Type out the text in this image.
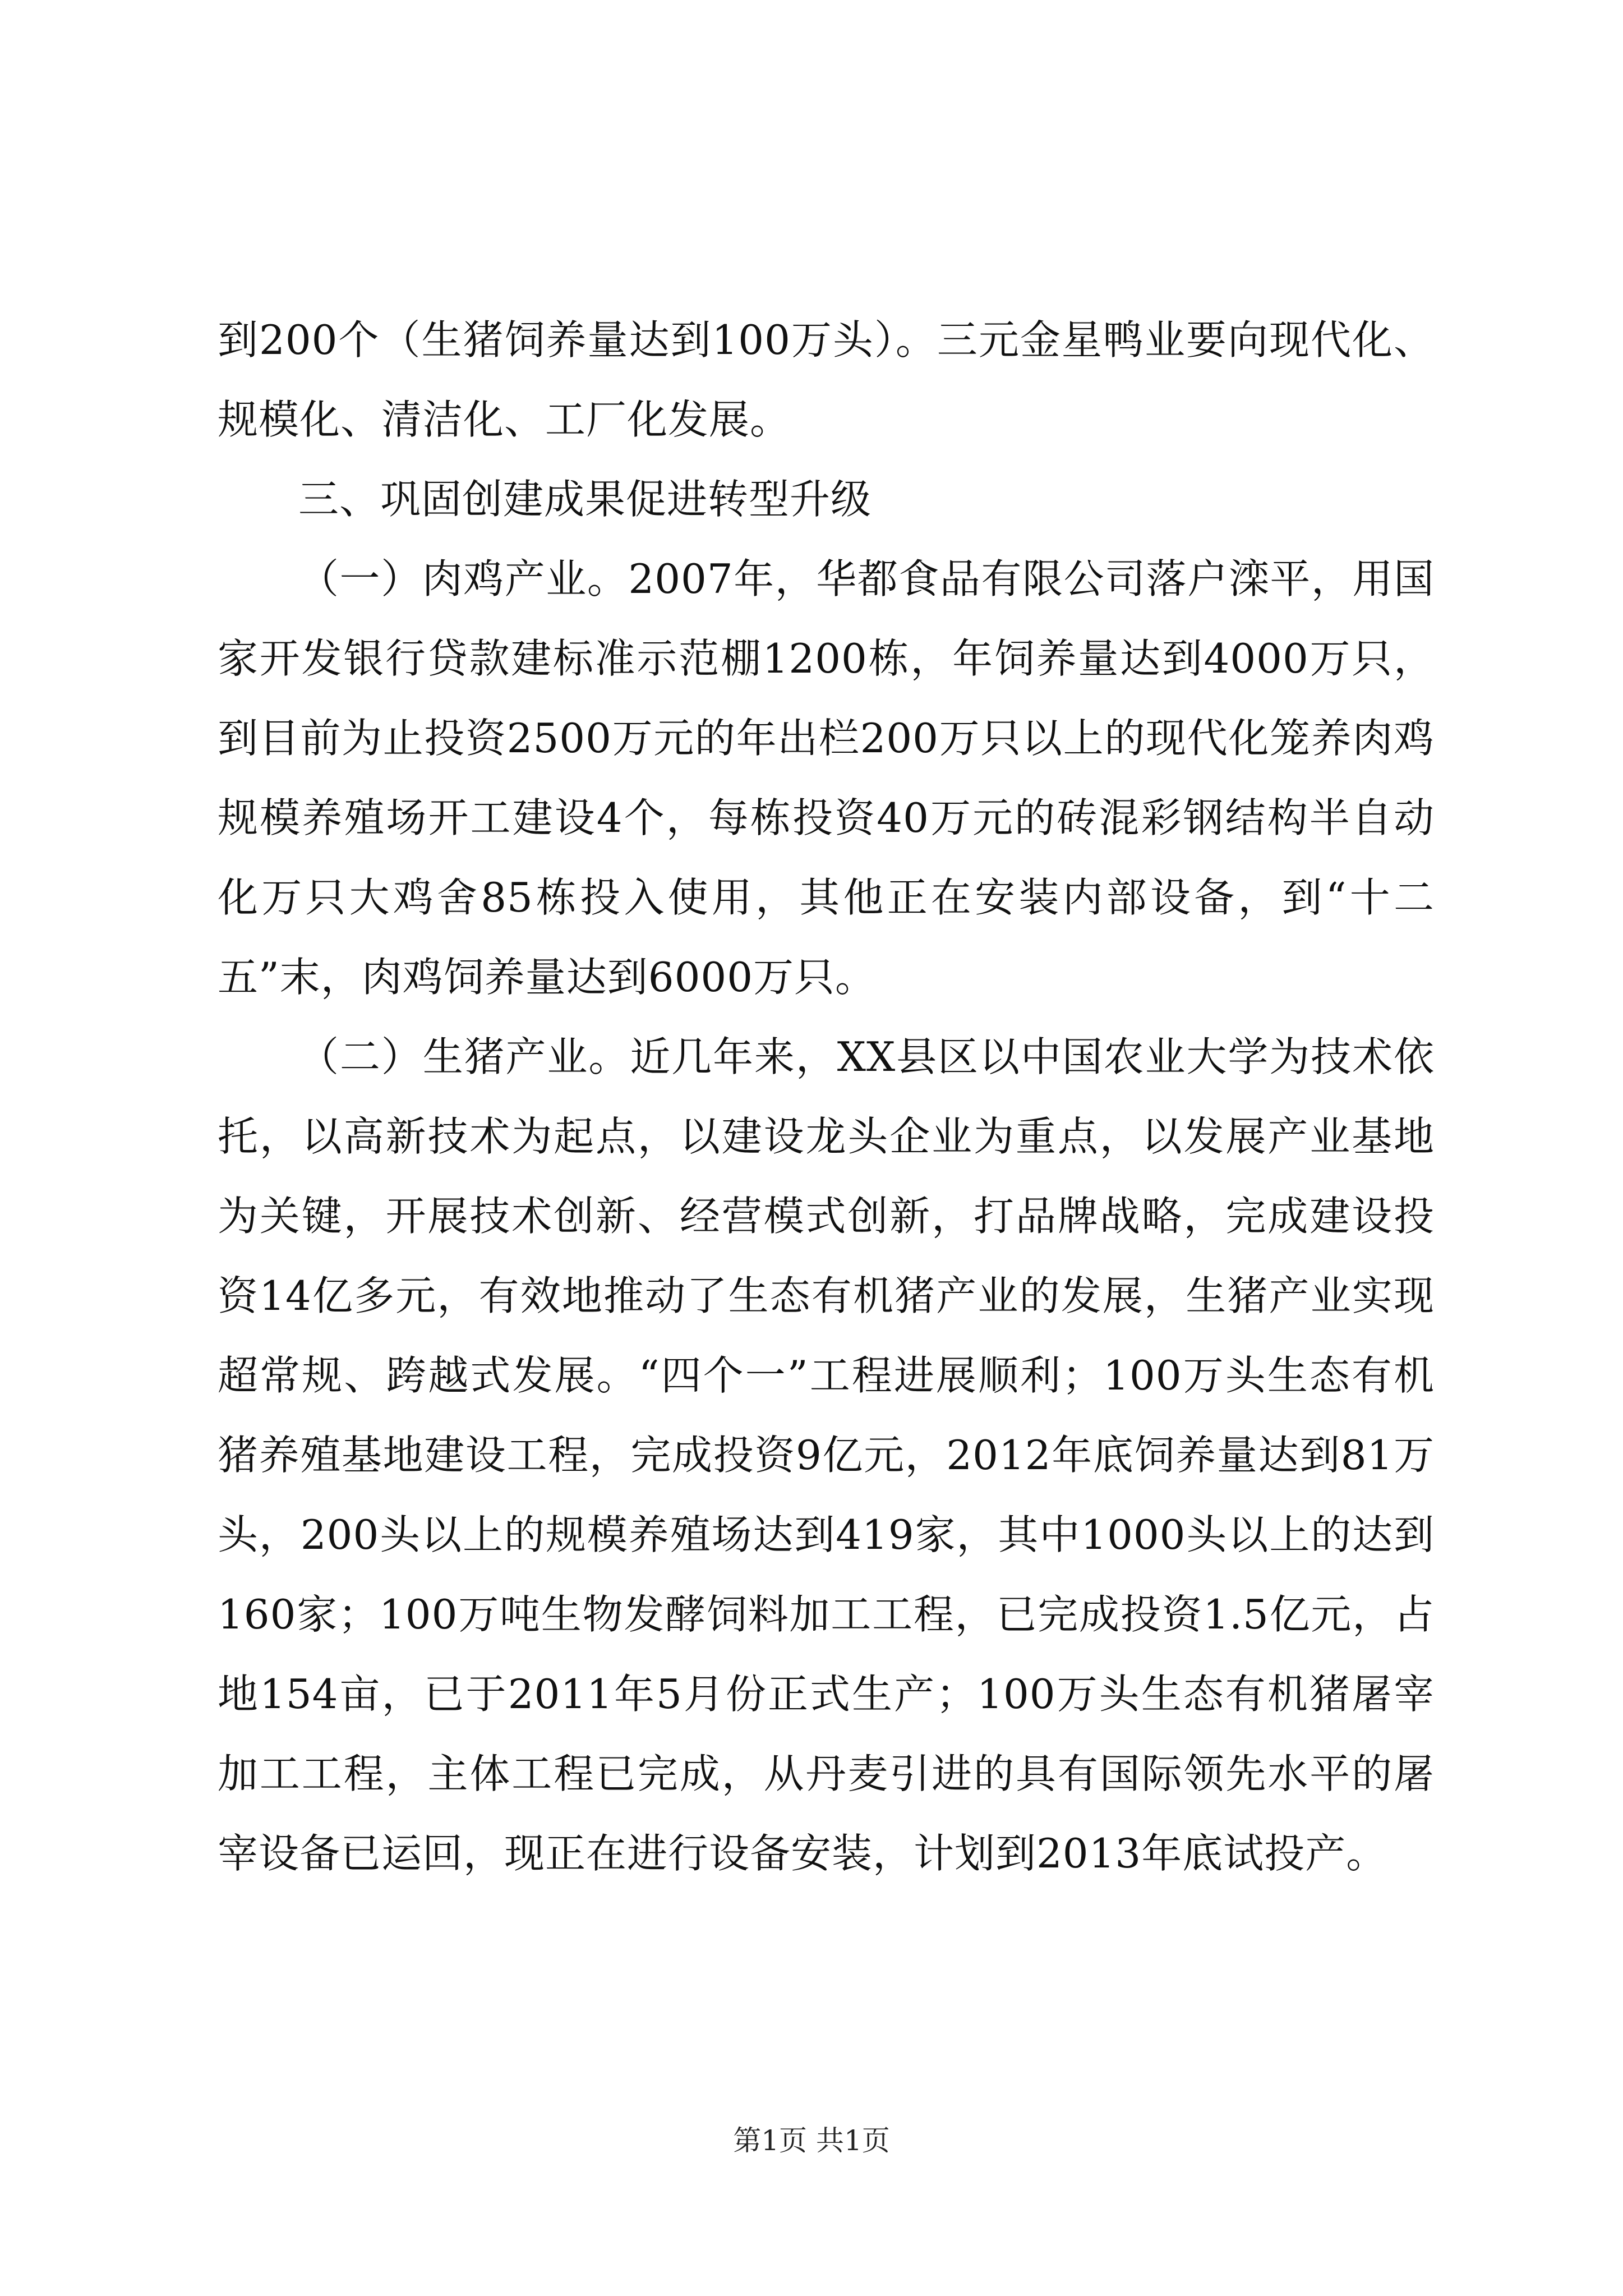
到200个（生猪饲养量达到100万头）。三元金星鸭业要向现代化、规模化、清洁化、工厂化发展。

三、巩固创建成果促进转型升级

（一）肉鸡产业。2007年，华都食品有限公司落户滦平，用国家开发银行贷款建标准示范棚1200栋，年饲养量达到4000万只，到目前为止投资2500万元的年出栏200万只以上的现代化笼养肉鸡规模养殖场开工建设4个，每栋投资40万元的砖混彩钢结构半自动化万只大鸡舍85栋投入使用，其他正在安装内部设备，到“十二五”末，肉鸡饲养量达到6000万只。

（二）生猪产业。近几年来，XX县区以中国农业大学为技术依托，以高新技术为起点，以建设龙头企业为重点，以发展产业基地为关键，开展技术创新、经营模式创新，打品牌战略，完成建设投资14亿多元，有效地推动了生态有机猪产业的发展，生猪产业实现超常规、跨越式发展。“四个一”工程进展顺利；100万头生态有机猪养殖基地建设工程，完成投资9亿元，2012年底饲养量达到81万头，200头以上的规模养殖场达到419家，其中1000头以上的达到160家；100万吨生物发酵饲料加工工程，已完成投资1.5亿元，占地154亩，已于2011年5月份正式生产；100万头生态有机猪屠宰加工工程，主体工程已完成，从丹麦引进的具有国际领先水平的屠宰设备已运回，现正在进行设备安装，计划到2013年底试投产。

第1页 共1页
